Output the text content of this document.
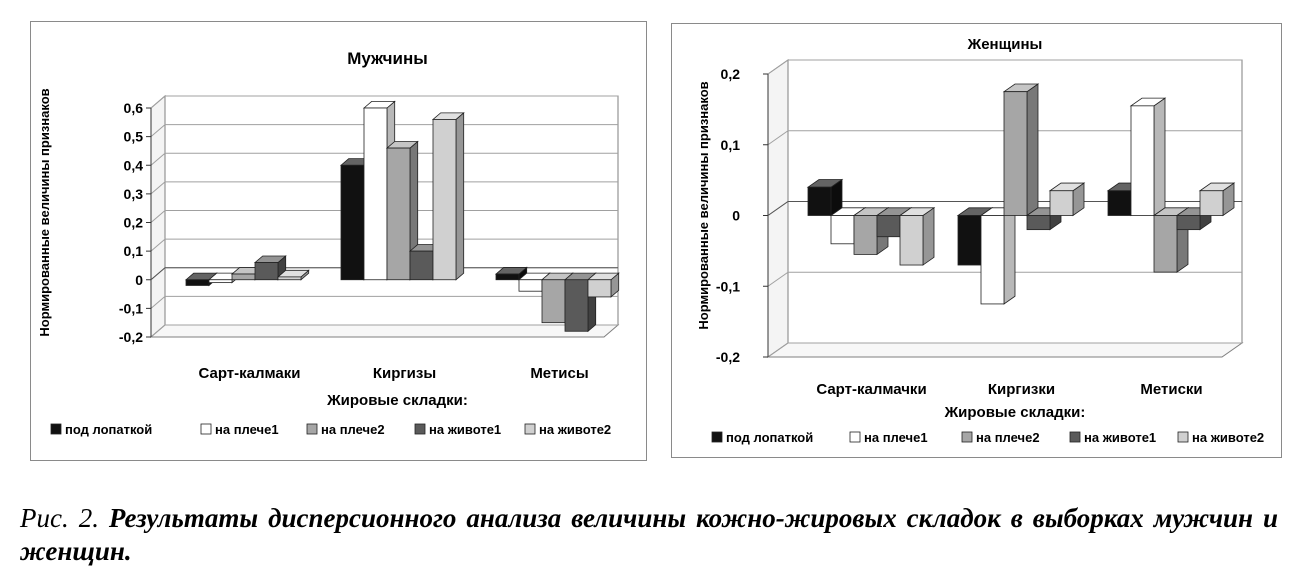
0,6
0,5
0,4
0,3
0,2
0,1
0
-0,1
-0,2
Сарт-калмаки	Киргизы	Метисы
Мужчины
Жировые складки:
Нормированные величины признаков
под лопаткой	на плече1	на плече2	на животе1	на животе2
0,2
0,1
0
-0,1
-0,2
Сарт-калмачки	Киргизки	Метиски
Женщины
Жировые складки:
Нормированные величины признаков
под лопаткой	на плече1	на плече2	на животе1	на животе2
Рис. 2. Результаты дисперсионного анализа величины кожно-жировых складок в выборках мужчин и женщин.
